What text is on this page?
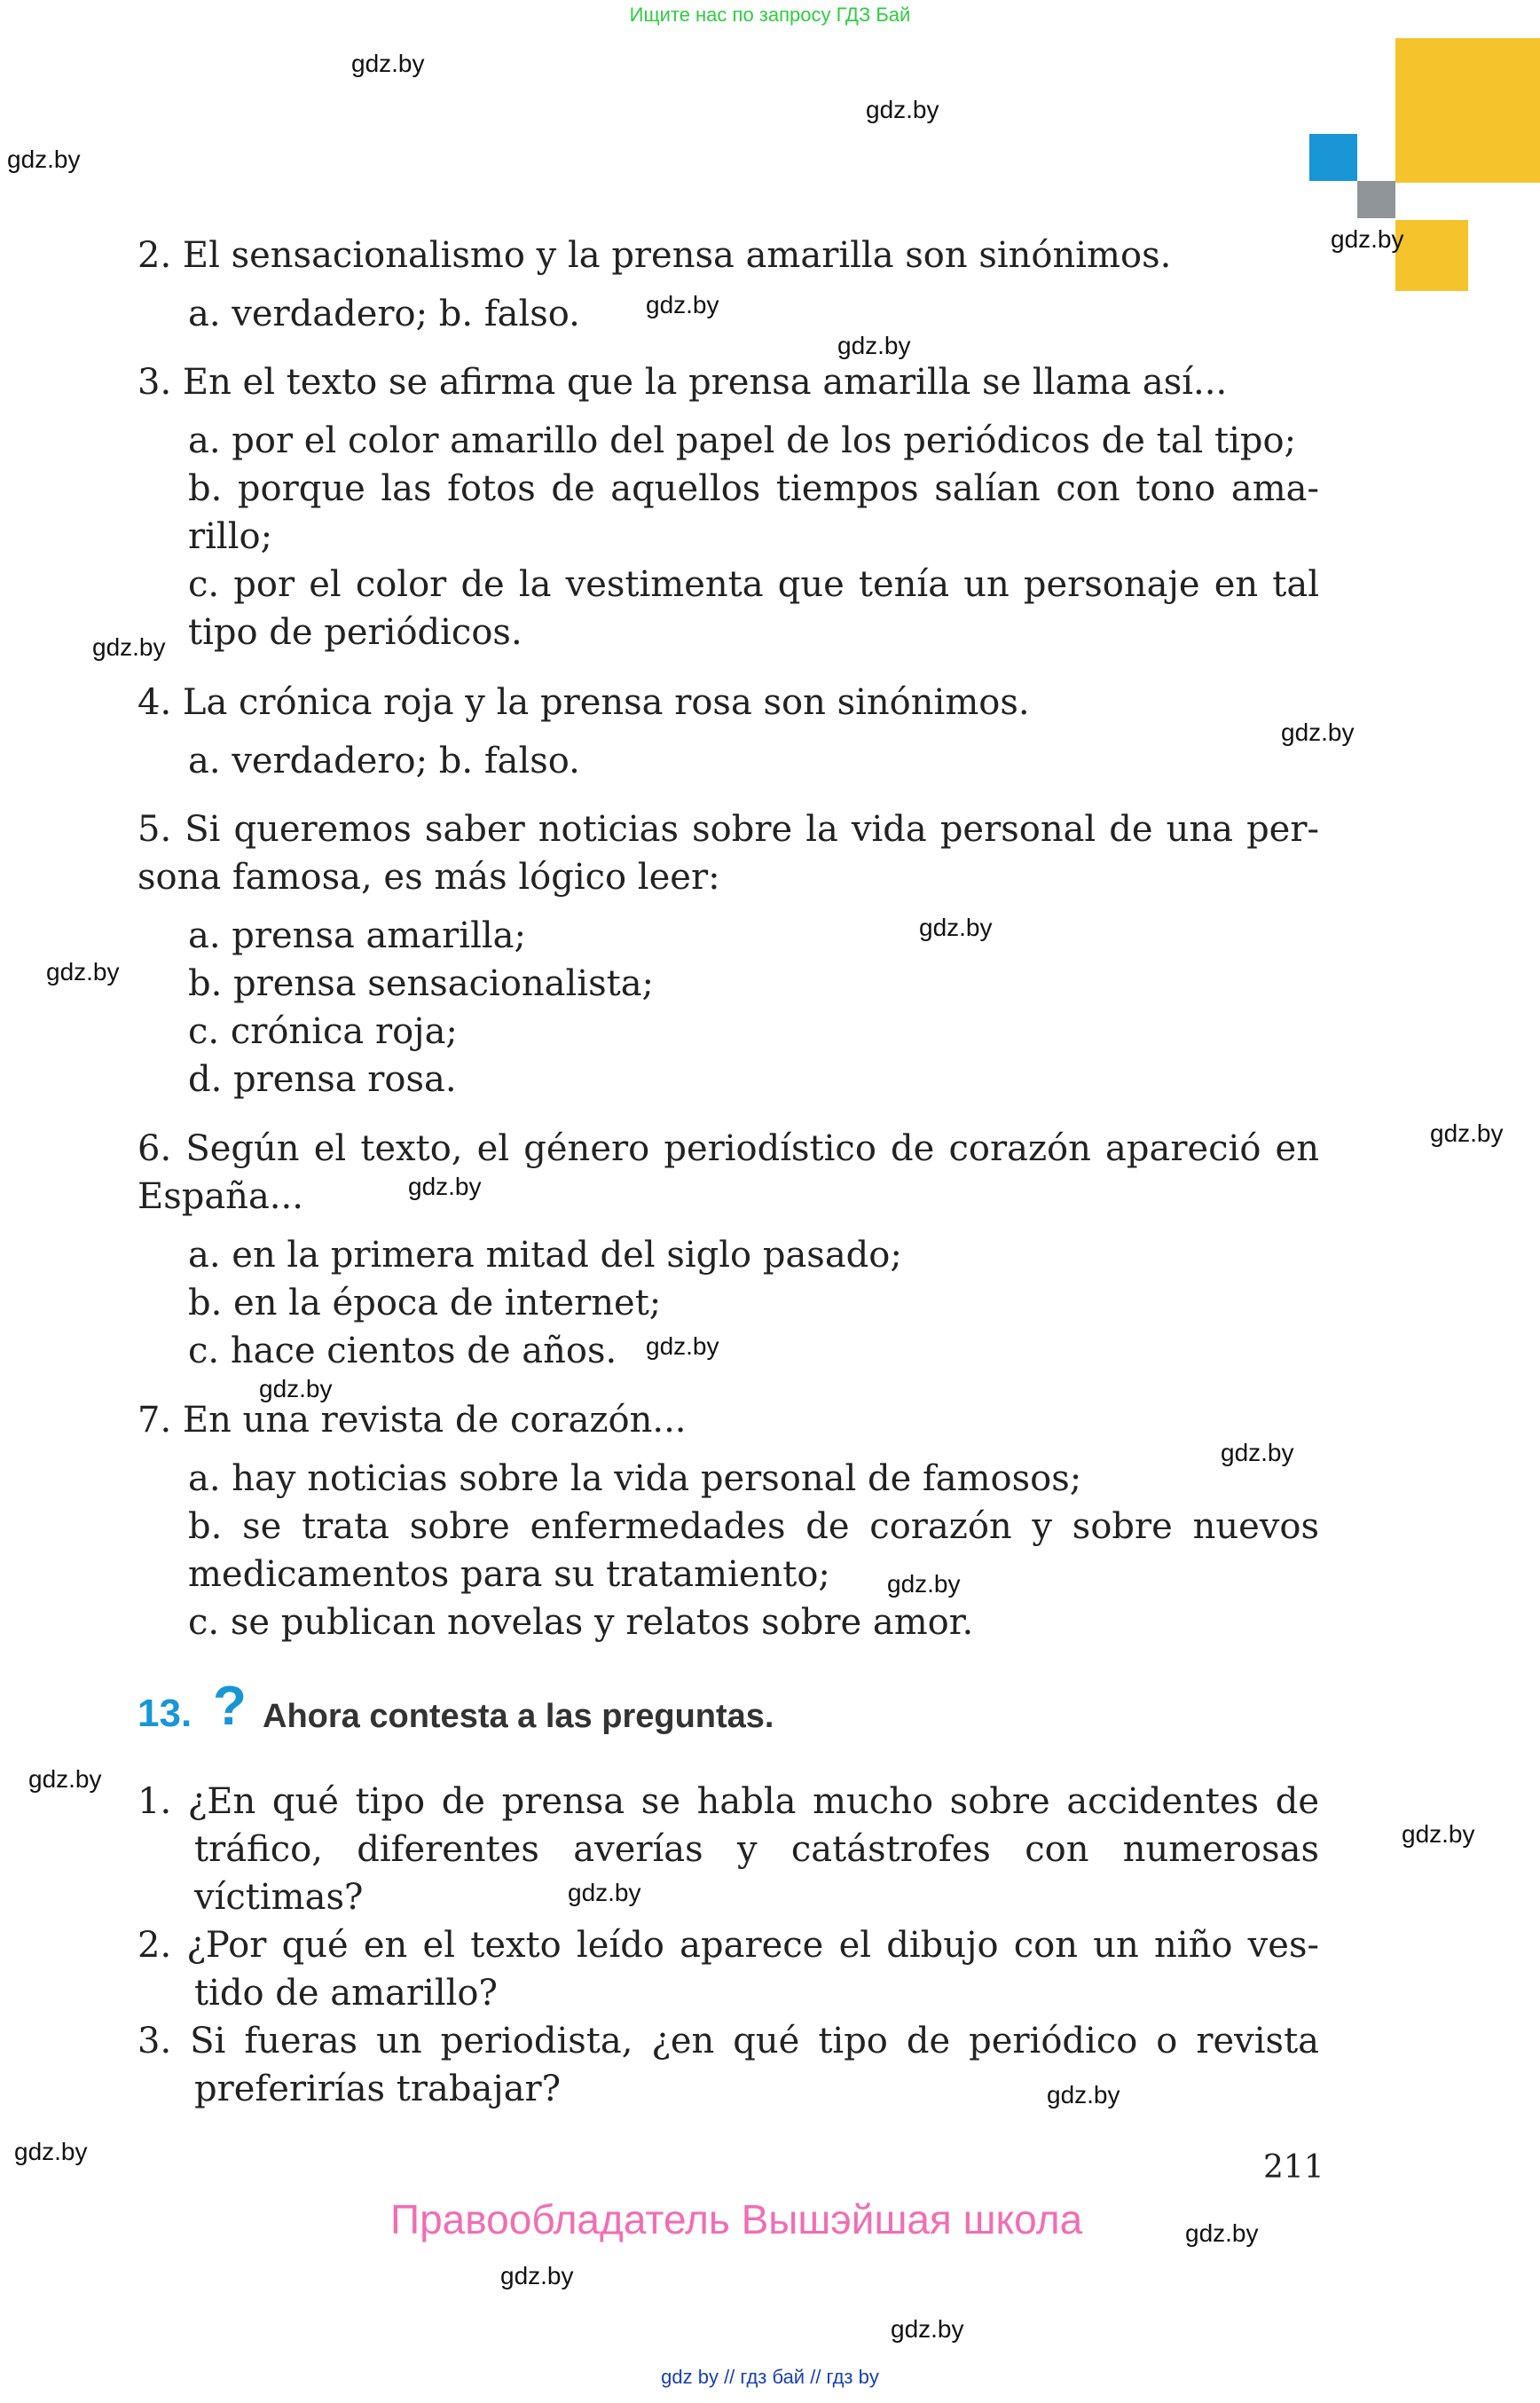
Ищите нас по запросу ГДЗ Бай
2. El sensacionalismo y la prensa amarilla son sinónimos.
a. verdadero; b. falso.
3. En el texto se afirma que la prensa amarilla se llama así...
a. por el color amarillo del papel de los periódicos de tal tipo;
b. porque las fotos de aquellos tiempos salían con tono ama-
rillo;
c. por el color de la vestimenta que tenía un personaje en tal
tipo de periódicos.
4. La crónica roja y la prensa rosa son sinónimos.
a. verdadero; b. falso.
5. Si queremos saber noticias sobre la vida personal de una per-
sona famosa, es más lógico leer:
a. prensa amarilla;
b. prensa sensacionalista;
c. crónica roja;
d. prensa rosa.
6. Según el texto, el género periodístico de corazón apareció en
España...
a. en la primera mitad del siglo pasado;
b. en la época de internet;
c. hace cientos de años.
7. En una revista de corazón...
a. hay noticias sobre la vida personal de famosos;
b. se trata sobre enfermedades de corazón y sobre nuevos
medicamentos para su tratamiento;
c. se publican novelas y relatos sobre amor.
13. ? Ahora contesta a las preguntas.
1. ¿En qué tipo de prensa se habla mucho sobre accidentes de
tráfico, diferentes averías y catástrofes con numerosas
víctimas?
2. ¿Por qué en el texto leído aparece el dibujo con un niño ves-
tido de amarillo?
3. Si fueras un periodista, ¿en qué tipo de periódico o revista
preferirías trabajar?
211
Правообладатель Вышэйшая школа
gdz.by
gdz.by
gdz.by
gdz.by
gdz.by
gdz.by
gdz.by
gdz.by
gdz.by
gdz.by
gdz.by
gdz.by
gdz.by
gdz.by
gdz.by
gdz.by
gdz.by
gdz.by
gdz.by
gdz.by
gdz.by
gdz.by
gdz.by
gdz.by
gdz by // гдз бай // гдз by
